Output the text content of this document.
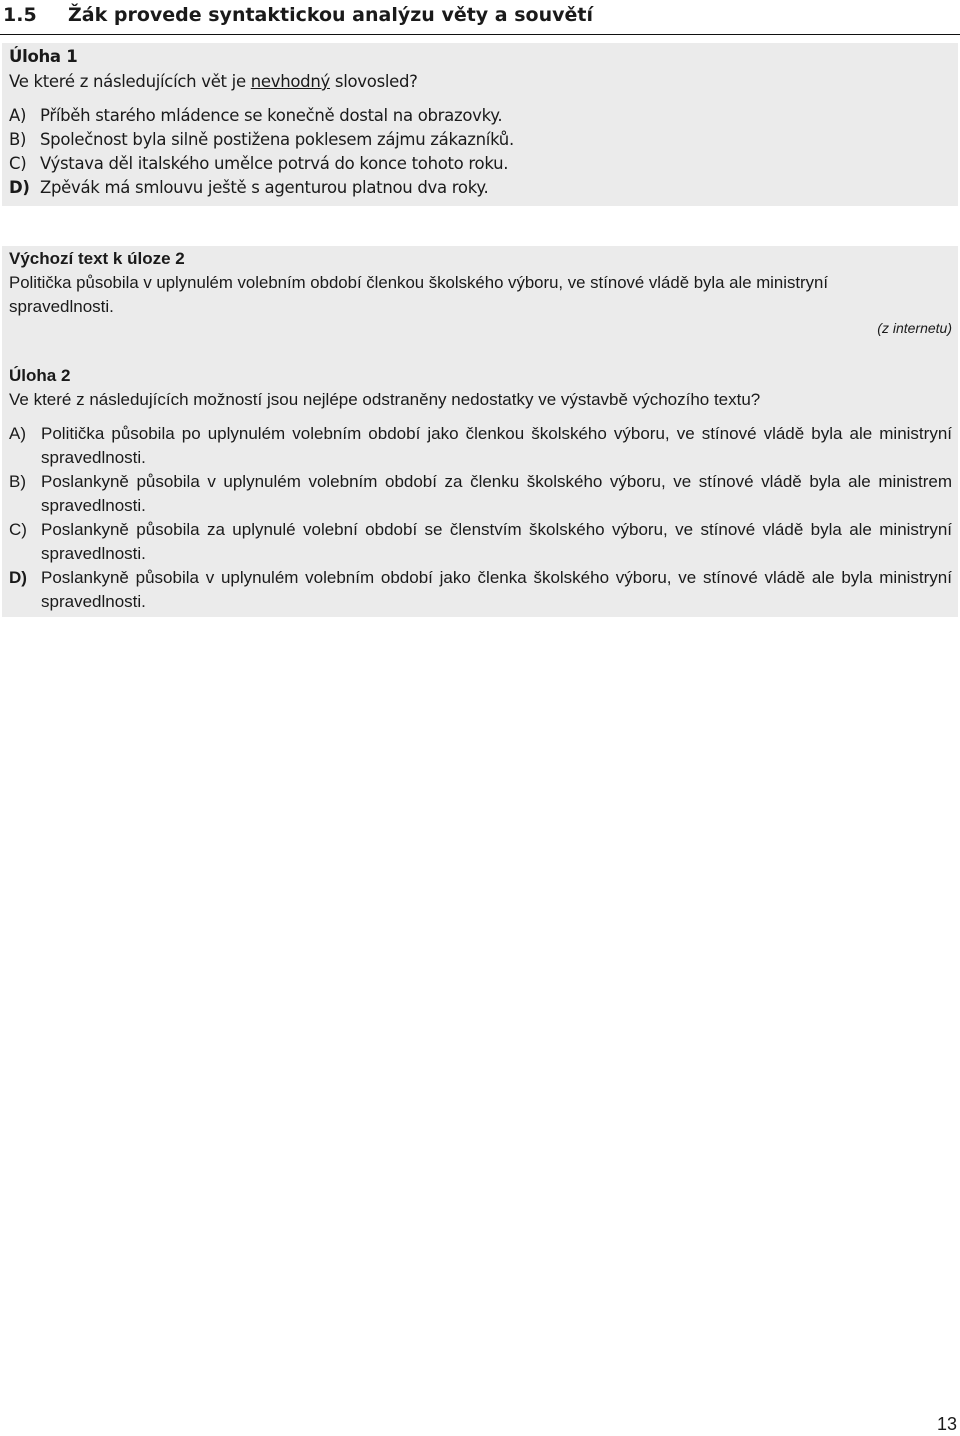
1.5 Žák provede syntaktickou analýzu věty a souvětí
Úloha 1
Ve které z následujících vět je nevhodný slovosled?
A) Příběh starého mládence se konečně dostal na obrazovky.
B) Společnost byla silně postižena poklesem zájmu zákazníků.
C) Výstava děl italského umělce potrvá do konce tohoto roku.
D) Zpěvák má smlouvu ještě s agenturou platnou dva roky.
Výchozí text k úloze 2
Politička působila v uplynulém volebním období členkou školského výboru, ve stínové vládě byla ale ministryní
spravedlnosti.
(z internetu)
Úloha 2
Ve které z následujících možností jsou nejlépe odstraněny nedostatky ve výstavbě výchozího textu?
A) Politička působila po uplynulém volebním období jako členkou školského výboru, ve stínové vládě byla ale ministryní spravedlnosti.
B) Poslankyně působila v uplynulém volebním období za členku školského výboru, ve stínové vládě byla ale ministrem spravedlnosti.
C) Poslankyně působila za uplynulé volební období se členstvím školského výboru, ve stínové vládě byla ale ministryní spravedlnosti.
D) Poslankyně působila v uplynulém volebním období jako členka školského výboru, ve stínové vládě ale byla ministryní spravedlnosti.
13
